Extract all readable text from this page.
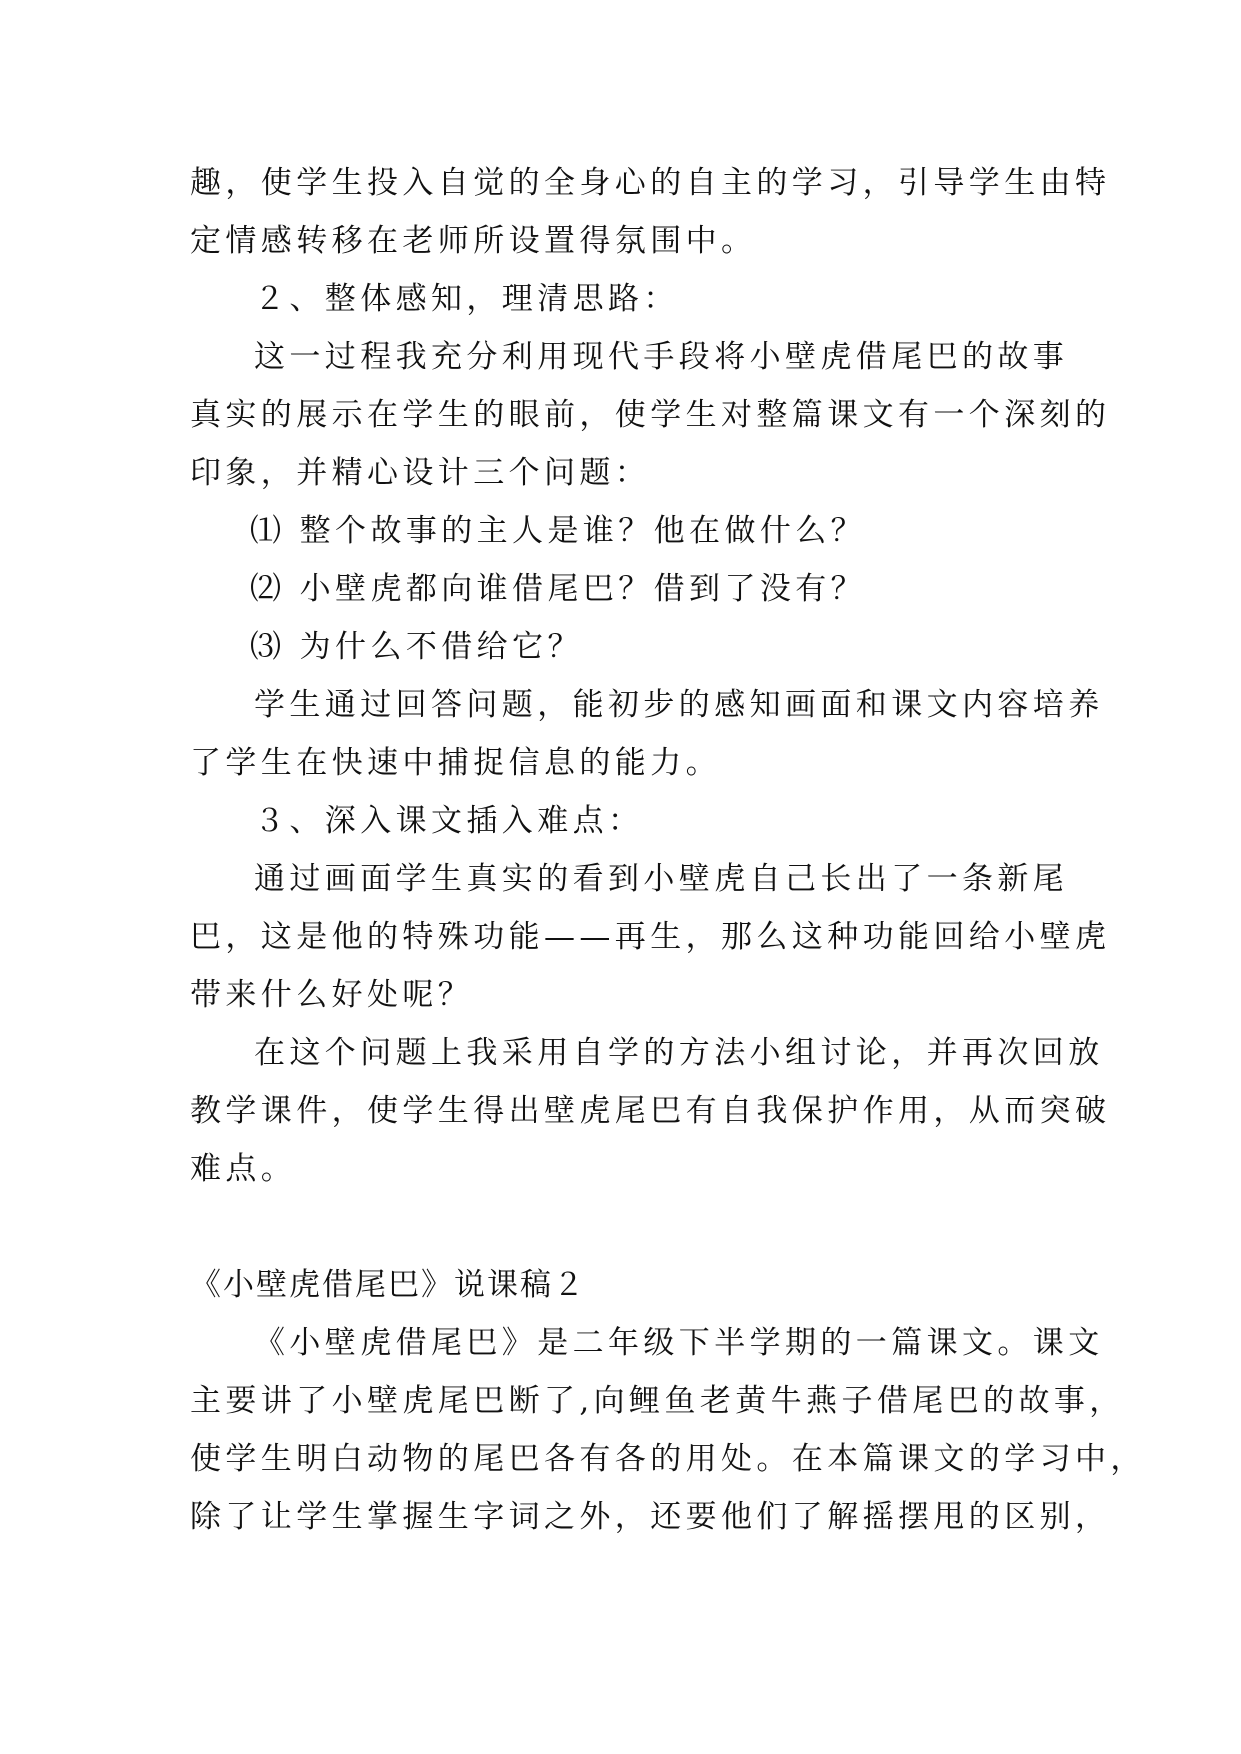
趣，使学生投入自觉的全身心的自主的学习，引导学生由特
定情感转移在老师所设置得氛围中。
２、整体感知，理清思路：
这一过程我充分利用现代手段将小壁虎借尾巴的故事
真实的展示在学生的眼前，使学生对整篇课文有一个深刻的
印象，并精心设计三个问题：
⑴ 整个故事的主人是谁？他在做什么？
⑵ 小壁虎都向谁借尾巴？借到了没有？
⑶ 为什么不借给它？
学生通过回答问题，能初步的感知画面和课文内容培养
了学生在快速中捕捉信息的能力。
３、深入课文插入难点：
通过画面学生真实的看到小壁虎自己长出了一条新尾
巴，这是他的特殊功能——再生，那么这种功能回给小壁虎
带来什么好处呢？
在这个问题上我采用自学的方法小组讨论，并再次回放
教学课件，使学生得出壁虎尾巴有自我保护作用，从而突破
难点。
《小壁虎借尾巴》说课稿２
《小壁虎借尾巴》是二年级下半学期的一篇课文。课文
主要讲了小壁虎尾巴断了,向鲤鱼老黄牛燕子借尾巴的故事，
使学生明白动物的尾巴各有各的用处。在本篇课文的学习中，
除了让学生掌握生字词之外，还要他们了解摇摆甩的区别，
